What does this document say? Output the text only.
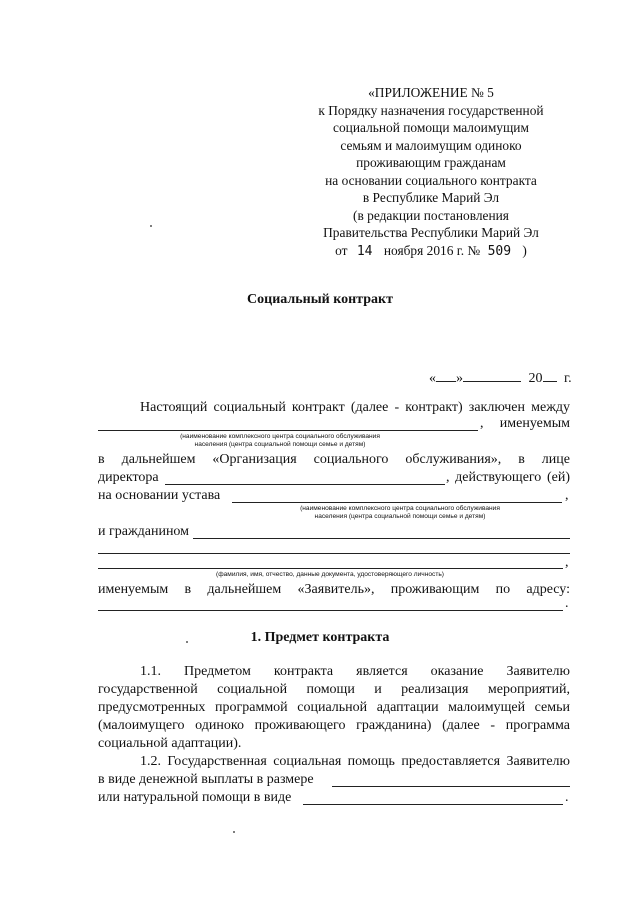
«ПРИЛОЖЕНИЕ № 5
к Порядку назначения государственной
социальной помощи малоимущим
семьям и малоимущим одиноко
проживающим гражданам
на основании социального контракта
в Республике Марий Эл
(в редакции постановления
Правительства Республики Марий Эл
от 14 ноября 2016 г. № 509 )
Социальный контракт
« »	20 г.
Настоящий социальный контракт (далее - контракт) заключен между
, именуемым
(наименование комплексного центра социального обслуживания
населения (центра социальной помощи семье и детям)
в дальнейшем «Организация социального обслуживания», в лице
директора	, действующего (ей)
на основании устава	,
(наименование комплексного центра социального обслуживания
населения (центра социальной помощи семье и детям)
и гражданином
,
(фамилия, имя, отчество, данные документа, удостоверяющего личность)
именуемым в дальнейшем «Заявитель», проживающим по адресу:
.
1. Предмет контракта
1.1. Предметом контракта является оказание Заявителю
государственной социальной помощи и реализация мероприятий,
предусмотренных программой социальной адаптации малоимущей семьи
(малоимущего одиноко проживающего гражданина) (далее - программа
социальной адаптации).
1.2. Государственная социальная помощь предоставляется Заявителю
в виде денежной выплаты в размере
или натуральной помощи в виде	.
